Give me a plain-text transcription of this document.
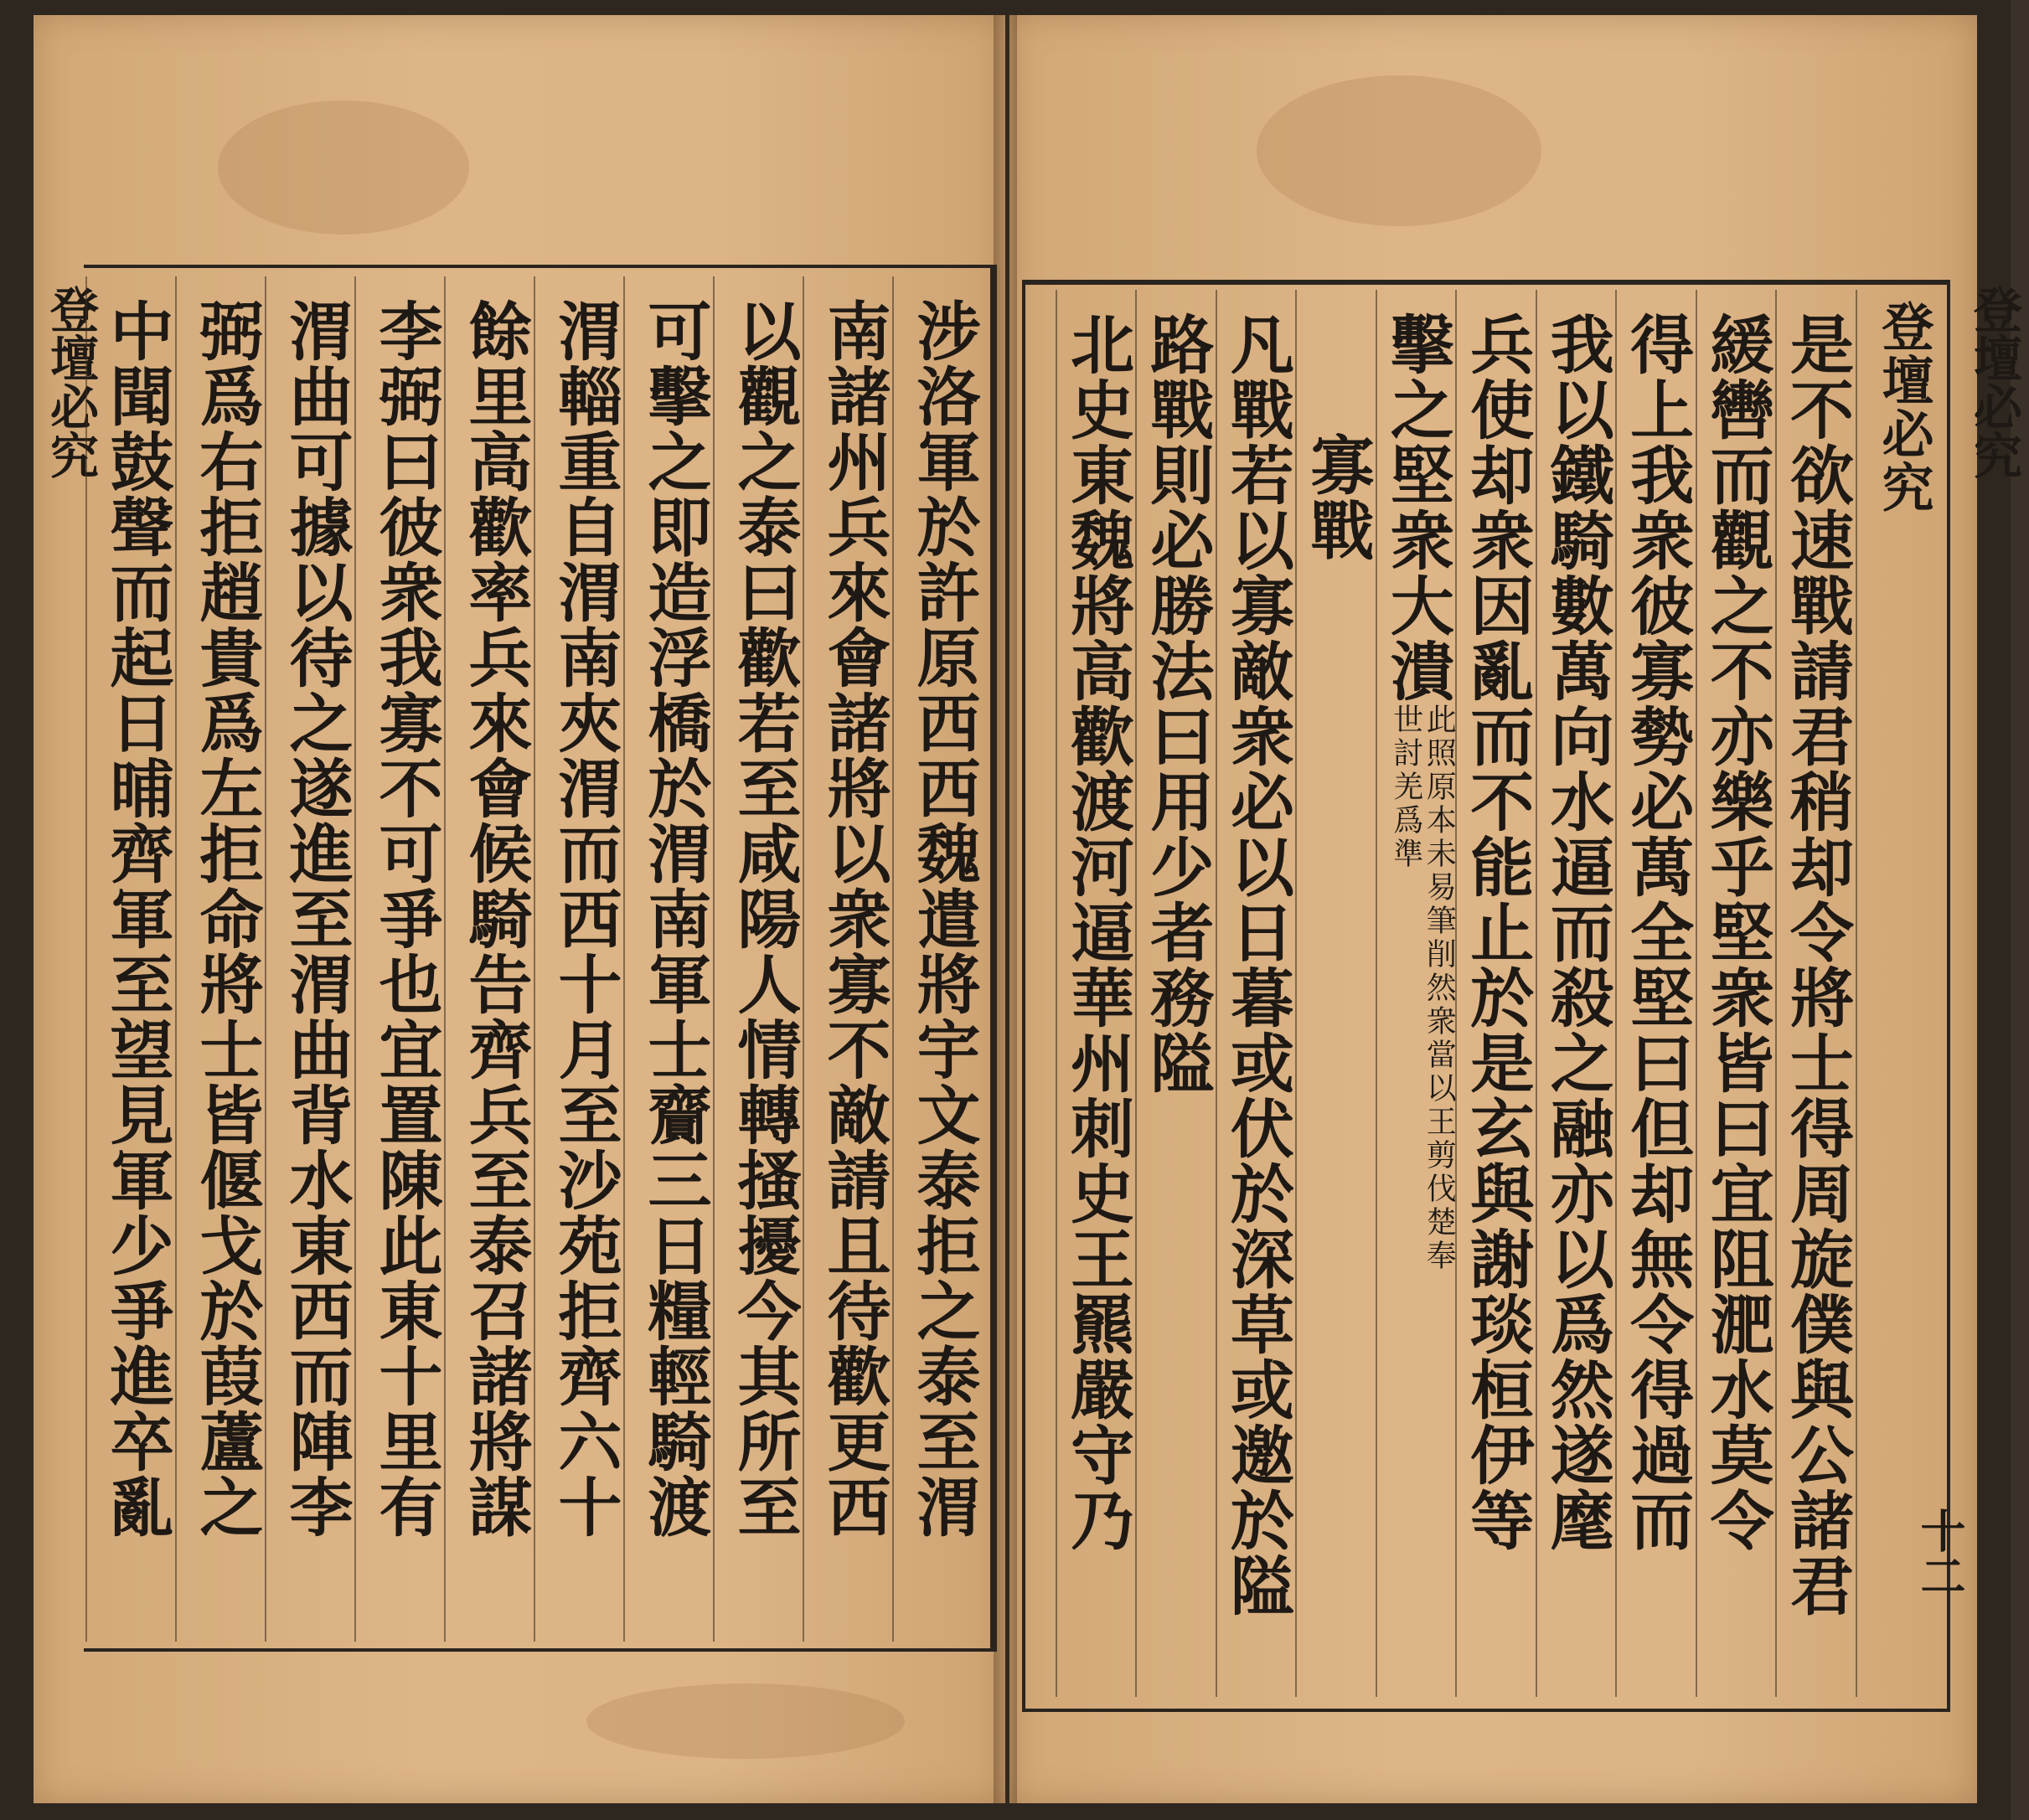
登壇必究	登壇必究
涉洛軍於許原西西魏遣將宇文泰拒之泰至渭
南諸州兵來會諸將以衆寡不敵請且待歡更西
以觀之泰曰歡若至咸陽人情轉搔擾今其所至
可擊之即造浮橋於渭南軍士齎三日糧輕騎渡
渭輜重自渭南夾渭而西十月至沙苑拒齊六十
餘里高歡率兵來會候騎告齊兵至泰召諸將謀
李弼曰彼衆我寡不可爭也宜置陳此東十里有
渭曲可據以待之遂進至渭曲背水東西而陣李
弼爲右拒趙貴爲左拒命將士皆偃戈於葭蘆之
中聞鼓聲而起日晡齊軍至望見軍少爭進卒亂	登壇必究
是不欲速戰請君稍却令將士得周旋僕與公諸君
緩轡而觀之不亦樂乎堅衆皆曰宜阻淝水莫令
得上我衆彼寡勢必萬全堅曰但却無令得過而
我以鐵騎數萬向水逼而殺之融亦以爲然遂麾
兵使却衆因亂而不能止於是玄與謝琰桓伊等
擊之堅衆大潰此照原本未易筆削然衆當以王剪伐楚奉世討羌爲準
寡戰
凡戰若以寡敵衆必以日暮或伏於深草或邀於隘
路戰則必勝法曰用少者務隘
北史東魏將高歡渡河逼華州刺史王羆嚴守乃	十二
